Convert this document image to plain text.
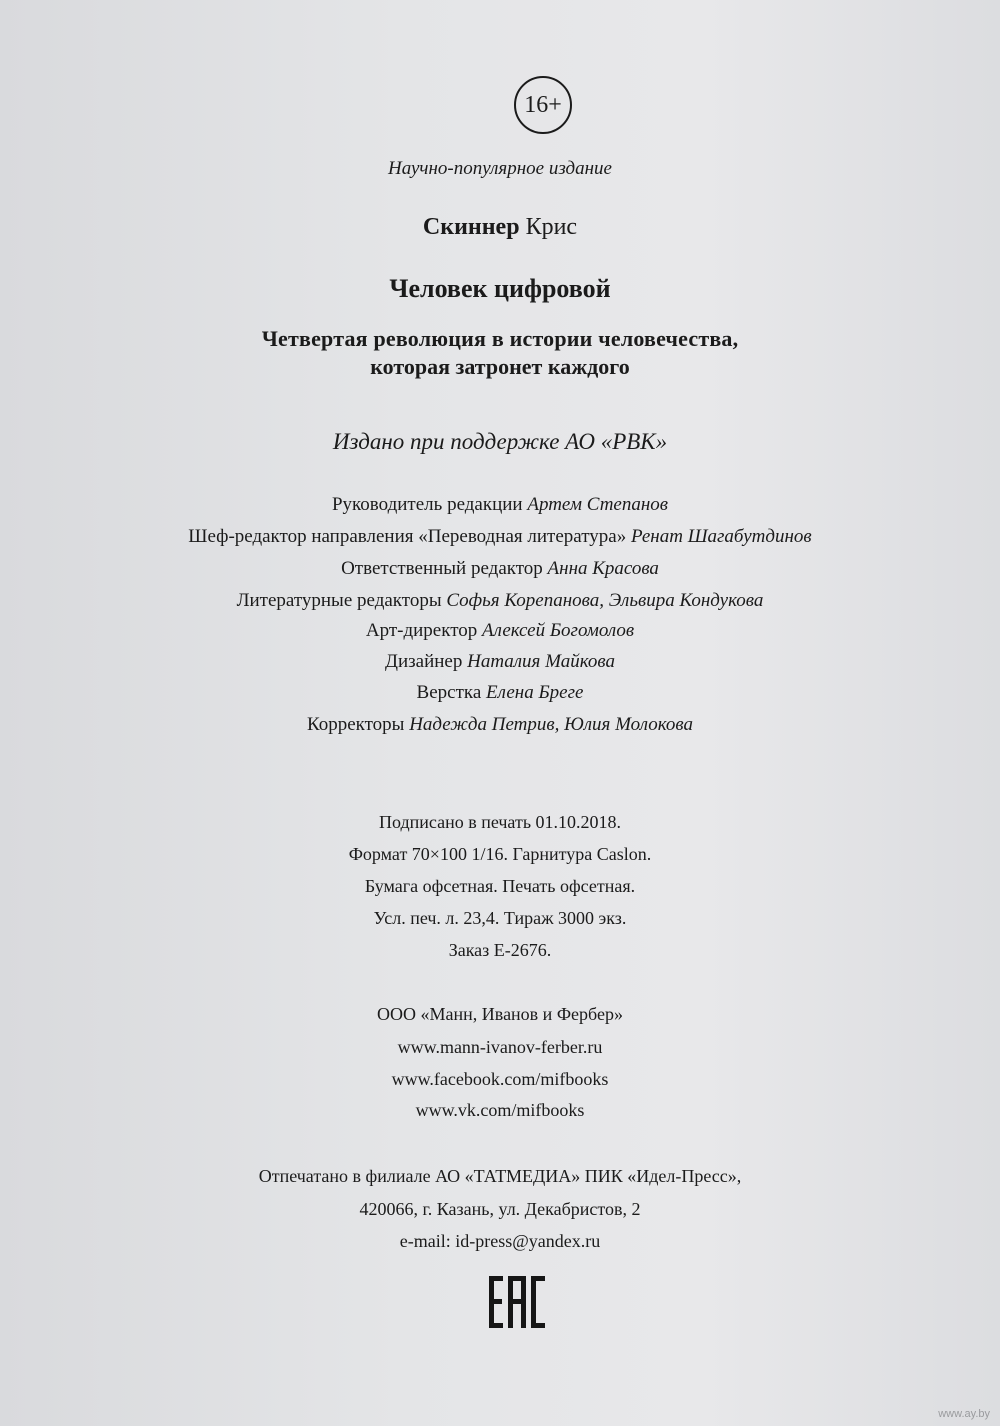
16+
Научно-популярное издание
Скиннер Крис
Человек цифровой
Четвертая революция в истории человечества,
которая затронет каждого
Издано при поддержке АО «РВК»
Руководитель редакции Артем Степанов
Шеф-редактор направления «Переводная литература» Ренат Шагабутдинов
Ответственный редактор Анна Красова
Литературные редакторы Софья Корепанова, Эльвира Кондукова
Арт-директор Алексей Богомолов
Дизайнер Наталия Майкова
Верстка Елена Бреге
Корректоры Надежда Петрив, Юлия Молокова
Подписано в печать 01.10.2018.
Формат 70×100 1/16. Гарнитура Caslon.
Бумага офсетная. Печать офсетная.
Усл. печ. л. 23,4. Тираж 3000 экз.
Заказ Е-2676.
ООО «Манн, Иванов и Фербер»
www.mann-ivanov-ferber.ru
www.facebook.com/mifbooks
www.vk.com/mifbooks
Отпечатано в филиале АО «ТАТМЕДИА» ПИК «Идел-Пресс»,
420066, г. Казань, ул. Декабристов, 2
e-mail: id-press@yandex.ru
www.ay.by
